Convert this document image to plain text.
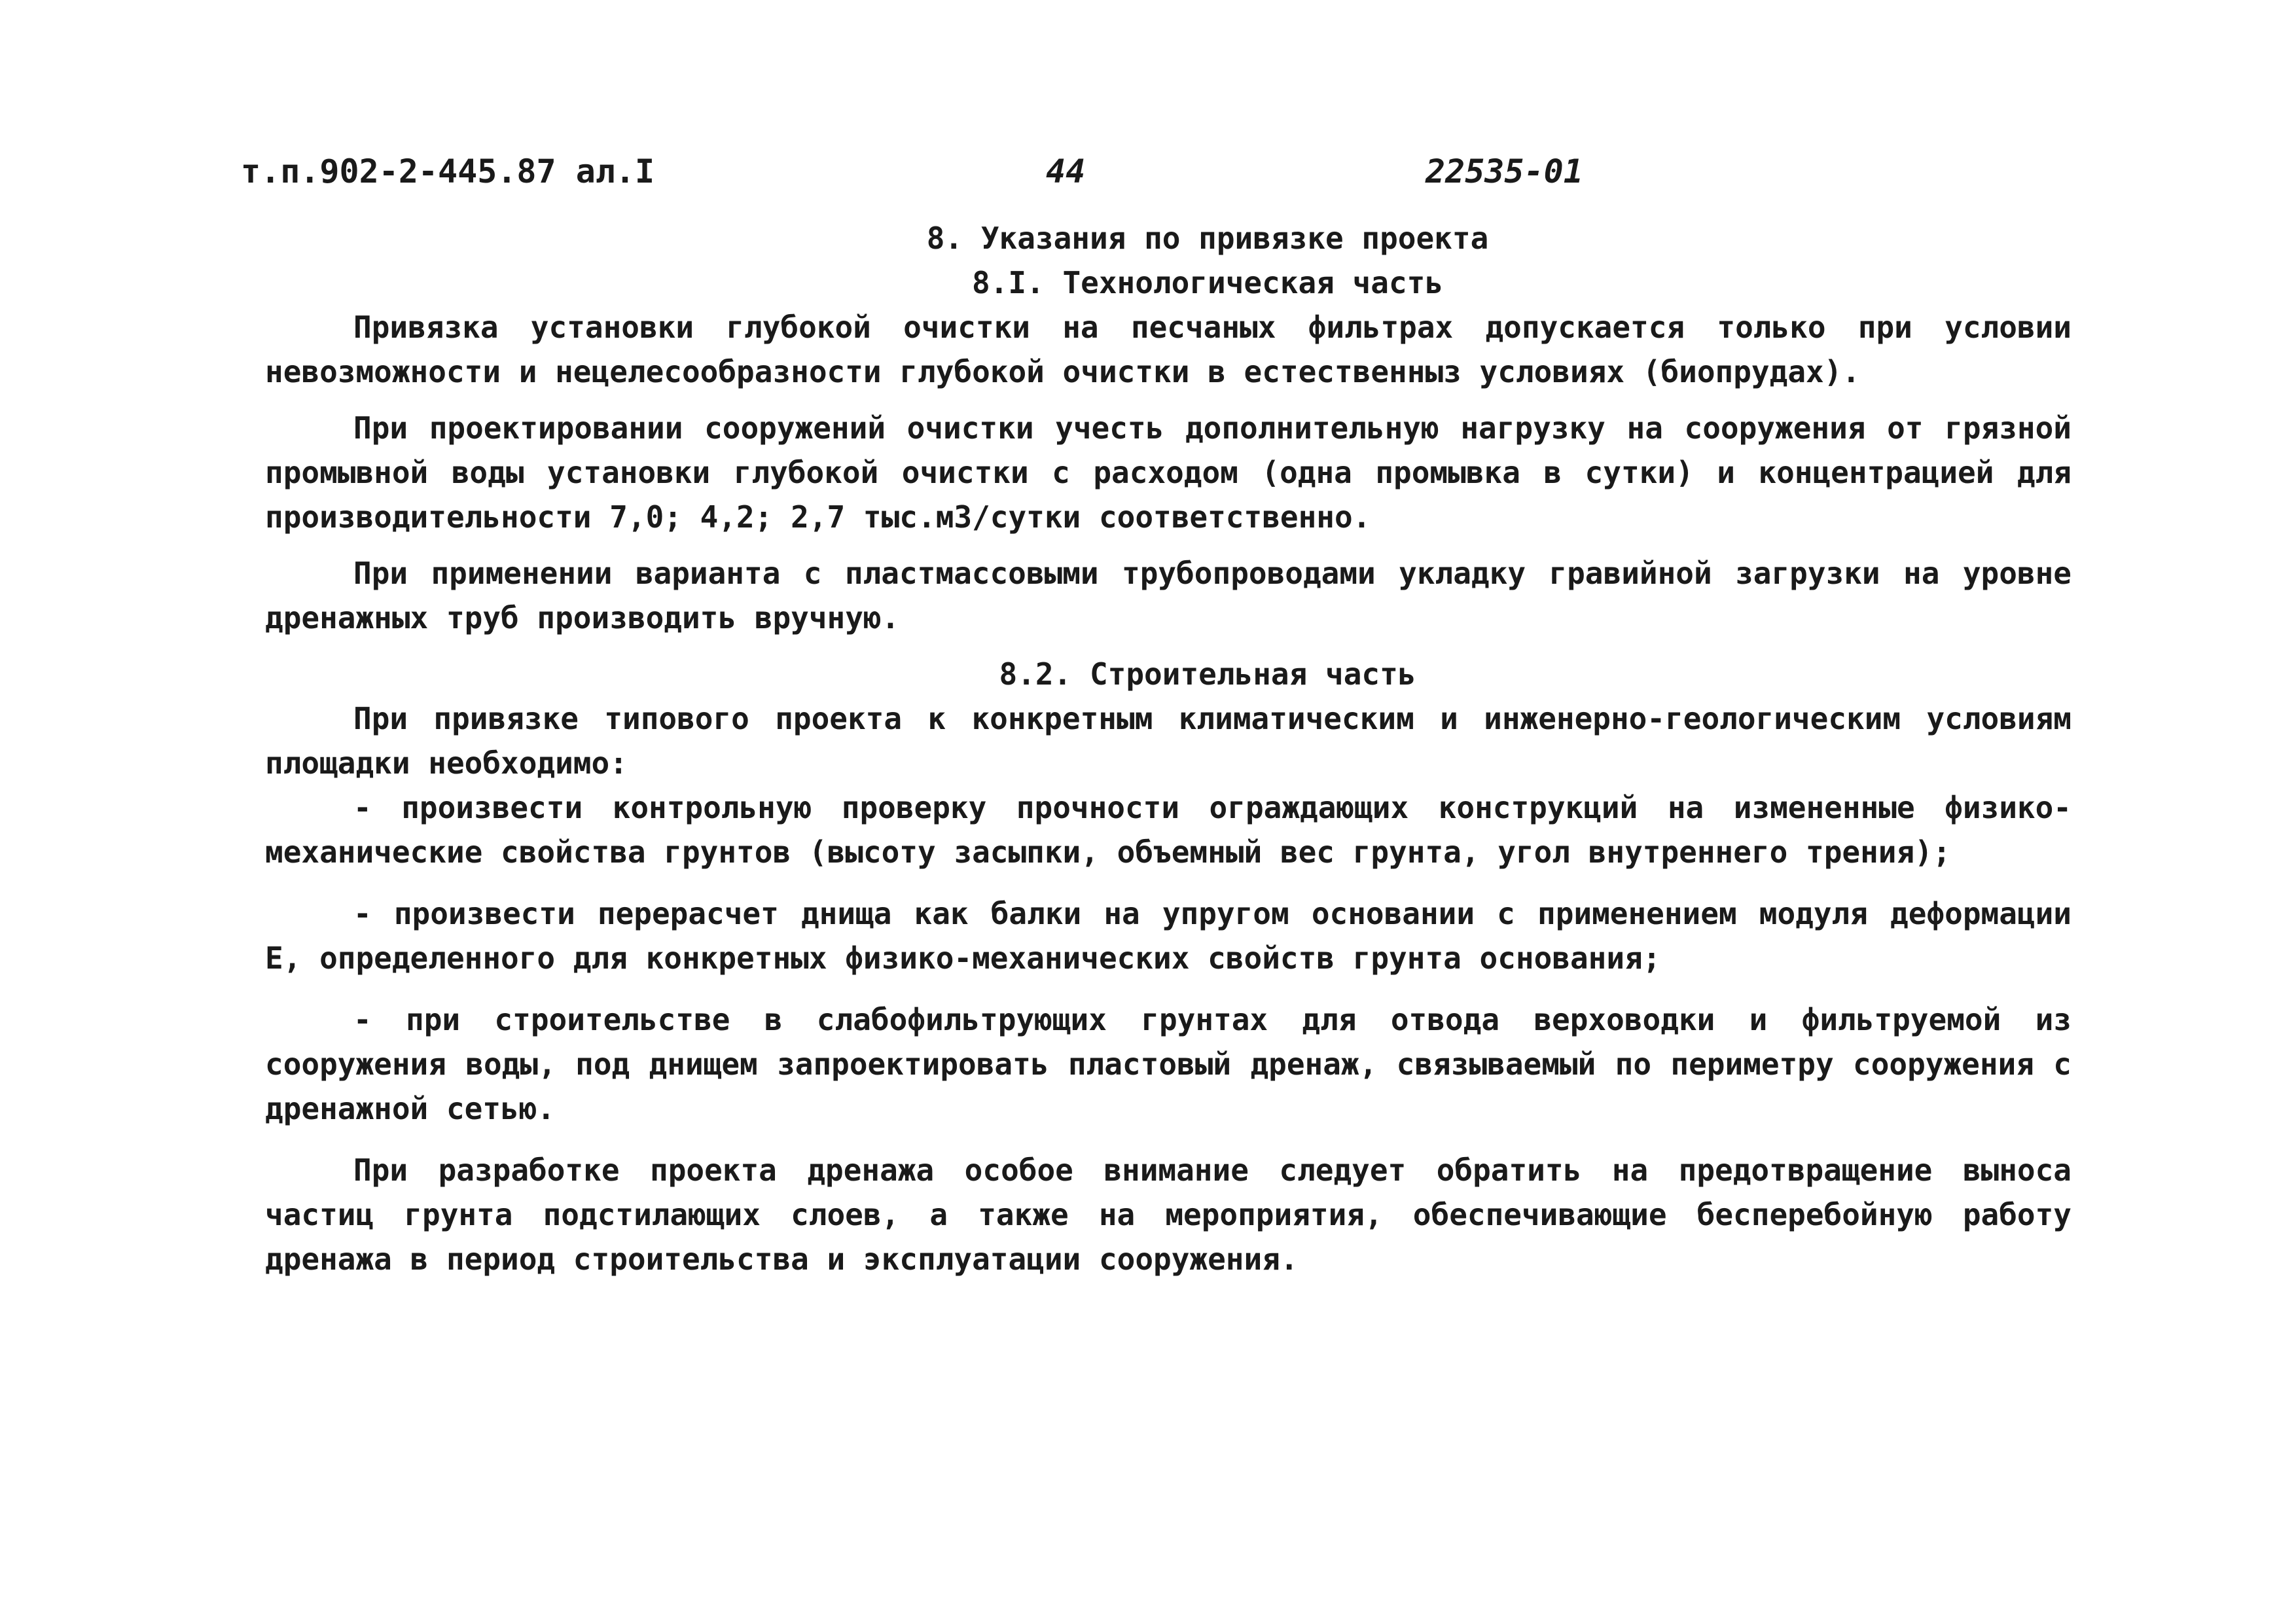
т.п.902-2-445.87 ал.I	44	22535-01

8. Указания по привязке проекта

8.I. Технологическая часть

Привязка установки глубокой очистки на песчаных фильтрах допускается только при условии невозможности и нецелесообразности глубокой очистки в естественныз условиях (биопрудах).

При проектировании сооружений очистки учесть дополнительную нагрузку на сооружения от грязной промывной воды установки глубокой очистки с расходом (одна промывка в сутки) и концентрацией для производительности 7,0; 4,2; 2,7 тыс.м3/сутки соответственно.

При применении варианта с пластмассовыми трубопроводами укладку гравийной загрузки на уровне дренажных труб производить вручную.

8.2. Строительная часть

При привязке типового проекта к конкретным климатическим и инженерно-геологическим условиям площадки необходимо:

- произвести контрольную проверку прочности ограждающих конструкций на измененные физико-механические свойства грунтов (высоту засыпки, объемный вес грунта, угол внутреннего трения);

- произвести перерасчет днища как балки на упругом основании с применением модуля деформации Е, определенного для конкретных физико-механических свойств грунта основания;

- при строительстве в слабофильтрующих грунтах для отвода верховодки и фильтруемой из сооружения воды, под днищем запроектировать пластовый дренаж, связываемый по периметру сооружения с дренажной сетью.

При разработке проекта дренажа особое внимание следует обратить на предотвращение выноса частиц грунта подстилающих слоев, а также на мероприятия, обеспечивающие бесперебойную работу дренажа в период строительства и эксплуатации сооружения.
